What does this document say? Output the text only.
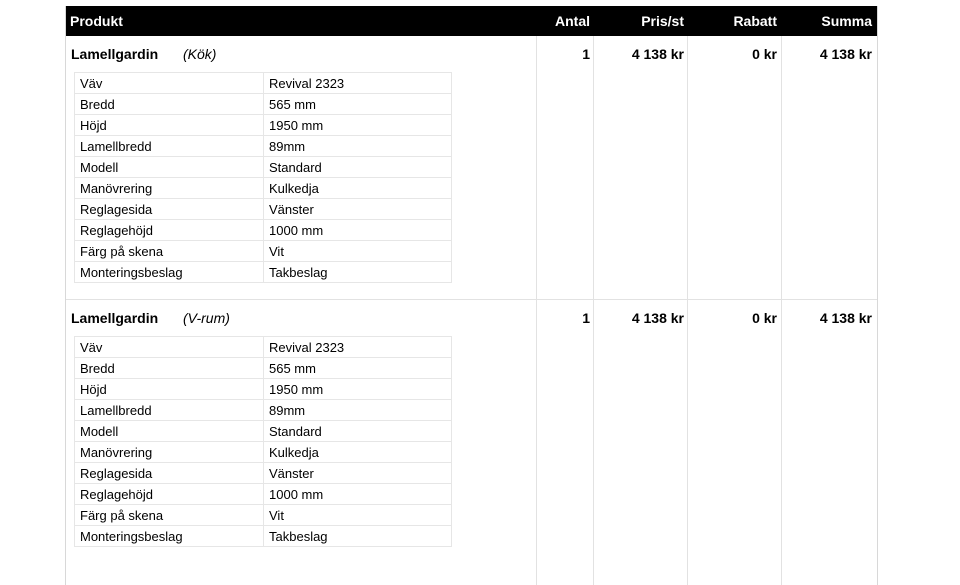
Produkt	Antal	Pris/st	Rabatt	Summa
Lamellgardin (Kök)	1	4 138 kr	0 kr	4 138 kr
Väv	Revival 2323
Bredd	565 mm
Höjd	1950 mm
Lamellbredd	89mm
Modell	Standard
Manövrering	Kulkedja
Reglagesida	Vänster
Reglagehöjd	1000 mm
Färg på skena	Vit
Monteringsbeslag	Takbeslag
Lamellgardin (V-rum)	1	4 138 kr	0 kr	4 138 kr
Väv	Revival 2323
Bredd	565 mm
Höjd	1950 mm
Lamellbredd	89mm
Modell	Standard
Manövrering	Kulkedja
Reglagesida	Vänster
Reglagehöjd	1000 mm
Färg på skena	Vit
Monteringsbeslag	Takbeslag
